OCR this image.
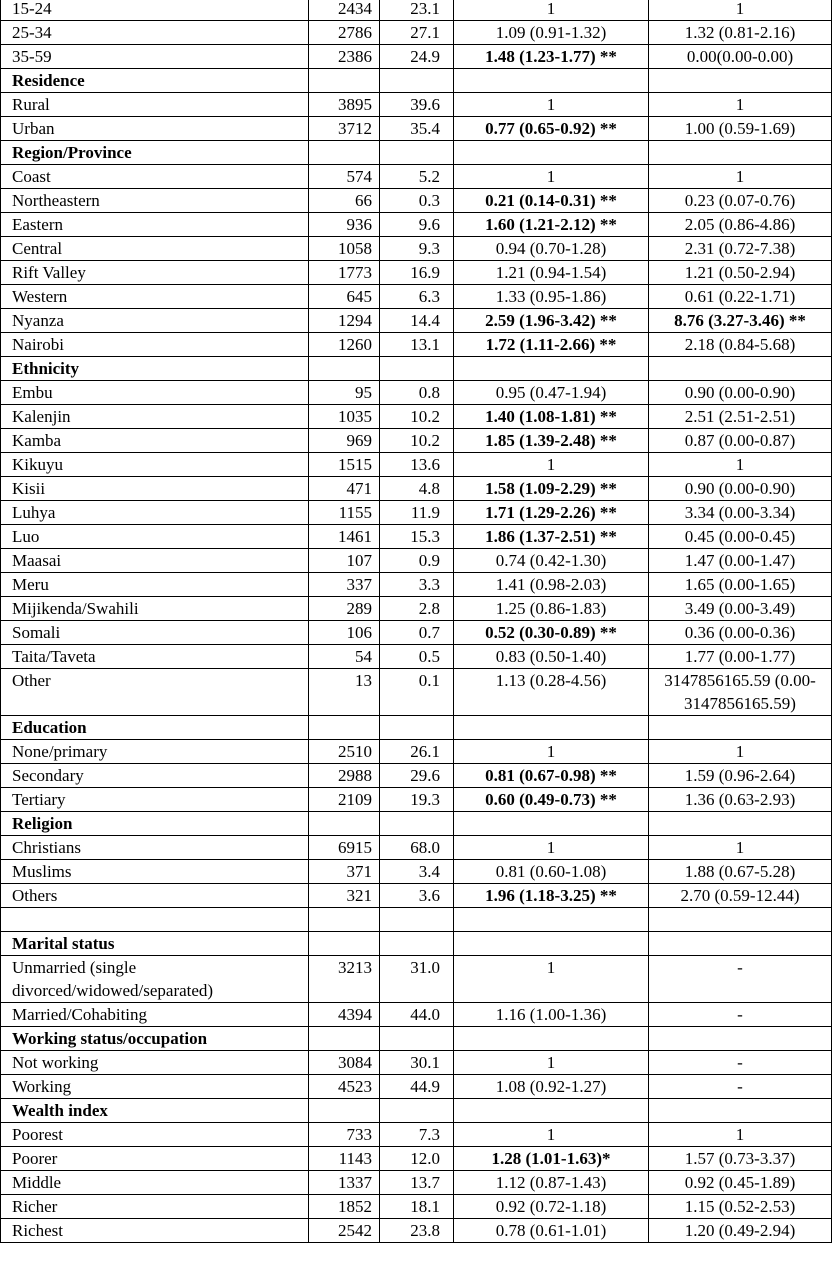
15-24	2434	23.1	1	1
25-34	2786	27.1	1.09 (0.91-1.32)	1.32 (0.81-2.16)
35-59	2386	24.9	1.48 (1.23-1.77) **	0.00(0.00-0.00)
Residence				
Rural	3895	39.6	1	1
Urban	3712	35.4	0.77 (0.65-0.92) **	1.00 (0.59-1.69)
Region/Province				
Coast	574	5.2	1	1
Northeastern	66	0.3	0.21 (0.14-0.31) **	0.23 (0.07-0.76)
Eastern	936	9.6	1.60 (1.21-2.12) **	2.05 (0.86-4.86)
Central	1058	9.3	0.94 (0.70-1.28)	2.31 (0.72-7.38)
Rift Valley	1773	16.9	1.21 (0.94-1.54)	1.21 (0.50-2.94)
Western	645	6.3	1.33 (0.95-1.86)	0.61 (0.22-1.71)
Nyanza	1294	14.4	2.59 (1.96-3.42) **	8.76 (3.27-3.46) **
Nairobi	1260	13.1	1.72 (1.11-2.66) **	2.18 (0.84-5.68)
Ethnicity				
Embu	95	0.8	0.95 (0.47-1.94)	0.90 (0.00-0.90)
Kalenjin	1035	10.2	1.40 (1.08-1.81) **	2.51 (2.51-2.51)
Kamba	969	10.2	1.85 (1.39-2.48) **	0.87 (0.00-0.87)
Kikuyu	1515	13.6	1	1
Kisii	471	4.8	1.58 (1.09-2.29) **	0.90 (0.00-0.90)
Luhya	1155	11.9	1.71 (1.29-2.26) **	3.34 (0.00-3.34)
Luo	1461	15.3	1.86 (1.37-2.51) **	0.45 (0.00-0.45)
Maasai	107	0.9	0.74 (0.42-1.30)	1.47 (0.00-1.47)
Meru	337	3.3	1.41 (0.98-2.03)	1.65 (0.00-1.65)
Mijikenda/Swahili	289	2.8	1.25 (0.86-1.83)	3.49 (0.00-3.49)
Somali	106	0.7	0.52 (0.30-0.89) **	0.36 (0.00-0.36)
Taita/Taveta	54	0.5	0.83 (0.50-1.40)	1.77 (0.00-1.77)
Other	13	0.1	1.13 (0.28-4.56)	3147856165.59 (0.00-3147856165.59)
Education				
None/primary	2510	26.1	1	1
Secondary	2988	29.6	0.81 (0.67-0.98) **	1.59 (0.96-2.64)
Tertiary	2109	19.3	0.60 (0.49-0.73) **	1.36 (0.63-2.93)
Religion				
Christians	6915	68.0	1	1
Muslims	371	3.4	0.81 (0.60-1.08)	1.88 (0.67-5.28)
Others	321	3.6	1.96 (1.18-3.25) **	2.70 (0.59-12.44)

Marital status				
Unmarried (single divorced/widowed/separated)	3213	31.0	1	-
Married/Cohabiting	4394	44.0	1.16 (1.00-1.36)	-
Working status/occupation				
Not working	3084	30.1	1	-
Working	4523	44.9	1.08 (0.92-1.27)	-
Wealth index				
Poorest	733	7.3	1	1
Poorer	1143	12.0	1.28 (1.01-1.63)*	1.57 (0.73-3.37)
Middle	1337	13.7	1.12 (0.87-1.43)	0.92 (0.45-1.89)
Richer	1852	18.1	0.92 (0.72-1.18)	1.15 (0.52-2.53)
Richest	2542	23.8	0.78 (0.61-1.01)	1.20 (0.49-2.94)
